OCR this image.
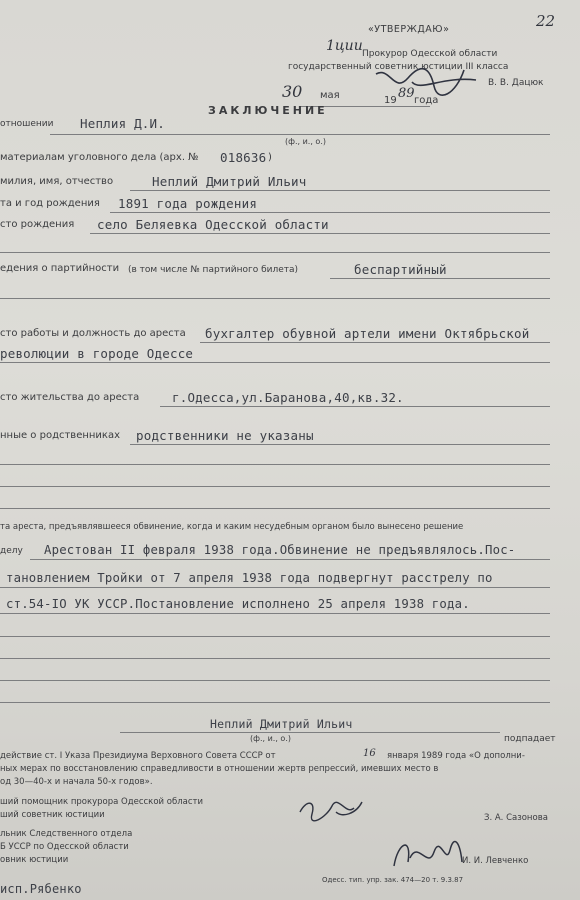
22
«УТВЕРЖДАЮ»
1ции Прокурор Одесской области
государственный советник юстиции III класса
В. В. Дацюк
30 мая	19 89 года
ЗАКЛЮЧЕНИЕ
отношении Неплия Д.И.
(ф., и., о.)
материалам уголовного дела (арх. № 018636 )
милия, имя, отчество	Неплий Дмитрий Ильич
та и год рождения 1891 года рождения
сто рождения село Беляевка Одесской области
едения о партийности (в том числе № партийного билета)	беспартийный
сто работы и должность до ареста бухгалтер обувной артели имени Октябрьской
революции в городе Одессе
сто жительства до ареста	г.Одесса,ул.Баранова,40,кв.32.
нные о родственниках родственники не указаны
та ареста, предъявлявшееся обвинение, когда и каким несудебным органом было вынесено решение
делу Арестован II февраля 1938 года.Обвинение не предъявлялось.Пос-
тановлением Тройки от 7 апреля 1938 года подвергнут расстрелу по
ст.54-IO УК УССР.Постановление исполнено 25 апреля 1938 года.
Неплий Дмитрий Ильич
(ф., и., о.)	подпадает
действие ст. I Указа Президиума Верховного Совета СССР от	16 января 1989 года «О дополни-
ных мерах по восстановлению справедливости в отношении жертв репрессий, имевших место в
од 30—40-х и начала 50-х годов».
ший помощник прокурора Одесской области
ший советник юстиции	З. А. Сазонова
льник Следственного отдела
Б УССР по Одесской области
овник юстиции	И. И. Левченко
Одесс. тип. упр. зак. 474—20 т. 9.3.87
исп.Рябенко
